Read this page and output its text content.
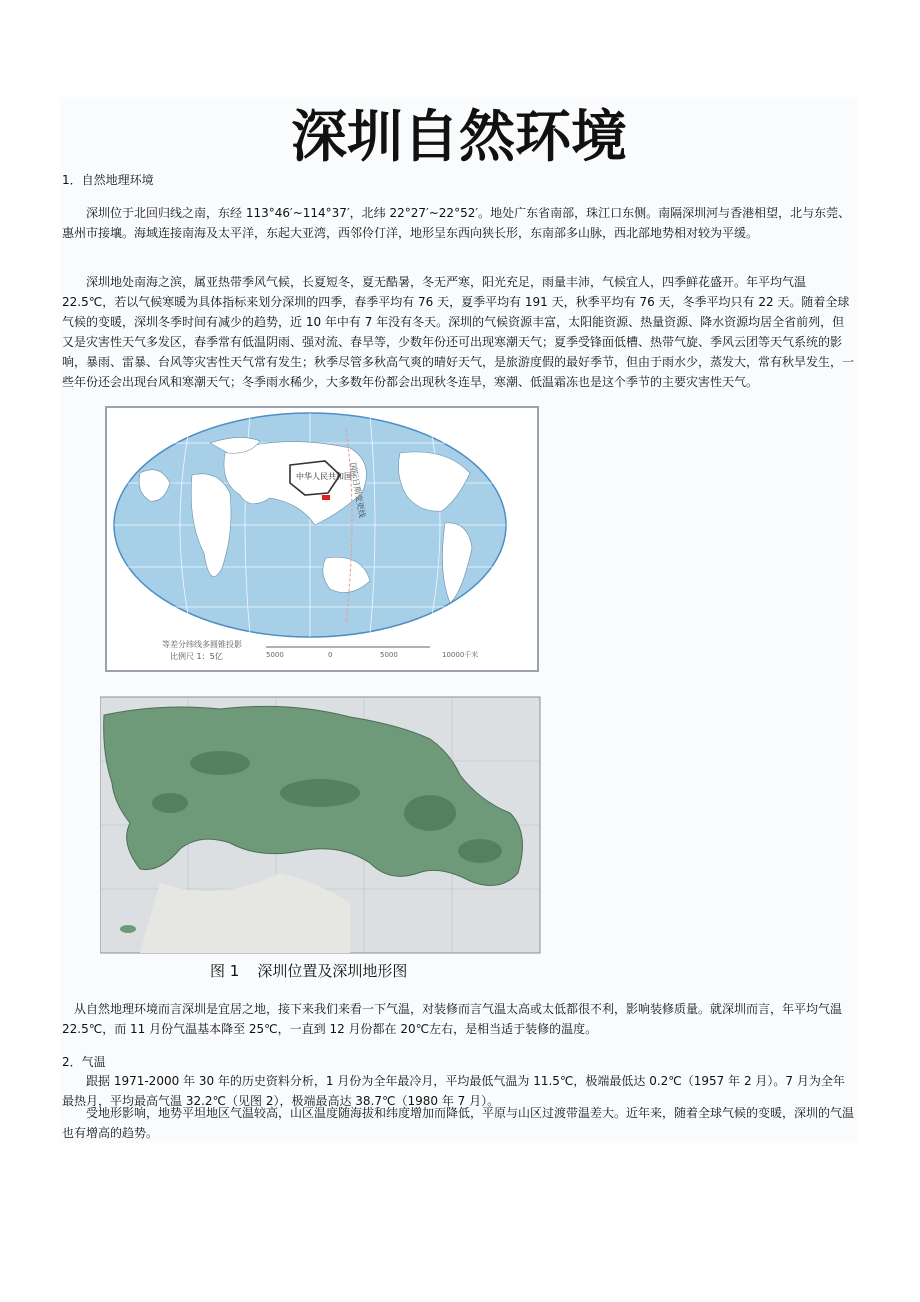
深圳自然环境
1．自然地理环境
　　深圳位于北回归线之南，东经 113°46′~114°37′，北纬 22°27′~22°52′。地处广东省南部，珠江口东侧。南隔深圳河与香港相望，北与东莞、惠州市接壤。海域连接南海及太平洋，东起大亚湾，西邻伶仃洋，地形呈东西向狭长形，东南部多山脉，西北部地势相对较为平缓。
　　深圳地处南海之滨，属亚热带季风气候，长夏短冬，夏无酷暑，冬无严寒，阳光充足，雨量丰沛，气候宜人，四季鲜花盛开。年平均气温 22.5℃，若以气候寒暖为具体指标来划分深圳的四季，春季平均有 76 天，夏季平均有 191 天，秋季平均有 76 天，冬季平均只有 22 天。随着全球气候的变暖，深圳冬季时间有减少的趋势，近 10 年中有 7 年没有冬天。深圳的气候资源丰富，太阳能资源、热量资源、降水资源均居全省前列，但又是灾害性天气多发区，春季常有低温阴雨、强对流、春旱等，少数年份还可出现寒潮天气；夏季受锋面低槽、热带气旋、季风云团等天气系统的影响，暴雨、雷暴、台风等灾害性天气常有发生；秋季尽管多秋高气爽的晴好天气，是旅游度假的最好季节，但由于雨水少，蒸发大，常有秋旱发生，一些年份还会出现台风和寒潮天气；冬季雨水稀少，大多数年份都会出现秋冬连旱，寒潮、低温霜冻也是这个季节的主要灾害性天气。
中华人民共和国
国际日期变更线
等差分纬线多圆锥投影
比例尺 1：5亿	5000	0	5000	10000千米
图 1 深圳位置及深圳地形图
　从自然地理环境而言深圳是宜居之地，接下来我们来看一下气温，对装修而言气温太高或太低都很不利，影响装修质量。就深圳而言，年平均气温 22.5℃，而 11 月份气温基本降至 25℃，一直到 12 月份都在 20℃左右，是相当适于装修的温度。
2．气温
　　跟据 1971-2000 年 30 年的历史资料分析，1 月份为全年最冷月，平均最低气温为 11.5℃，极端最低达 0.2℃（1957 年 2 月）。7 月为全年最热月，平均最高气温 32.2℃（见图 2），极端最高达 38.7℃（1980 年 7 月）。
　　受地形影响，地势平坦地区气温较高，山区温度随海拔和纬度增加而降低，平原与山区过渡带温差大。近年来，随着全球气候的变暖，深圳的气温也有增高的趋势。
